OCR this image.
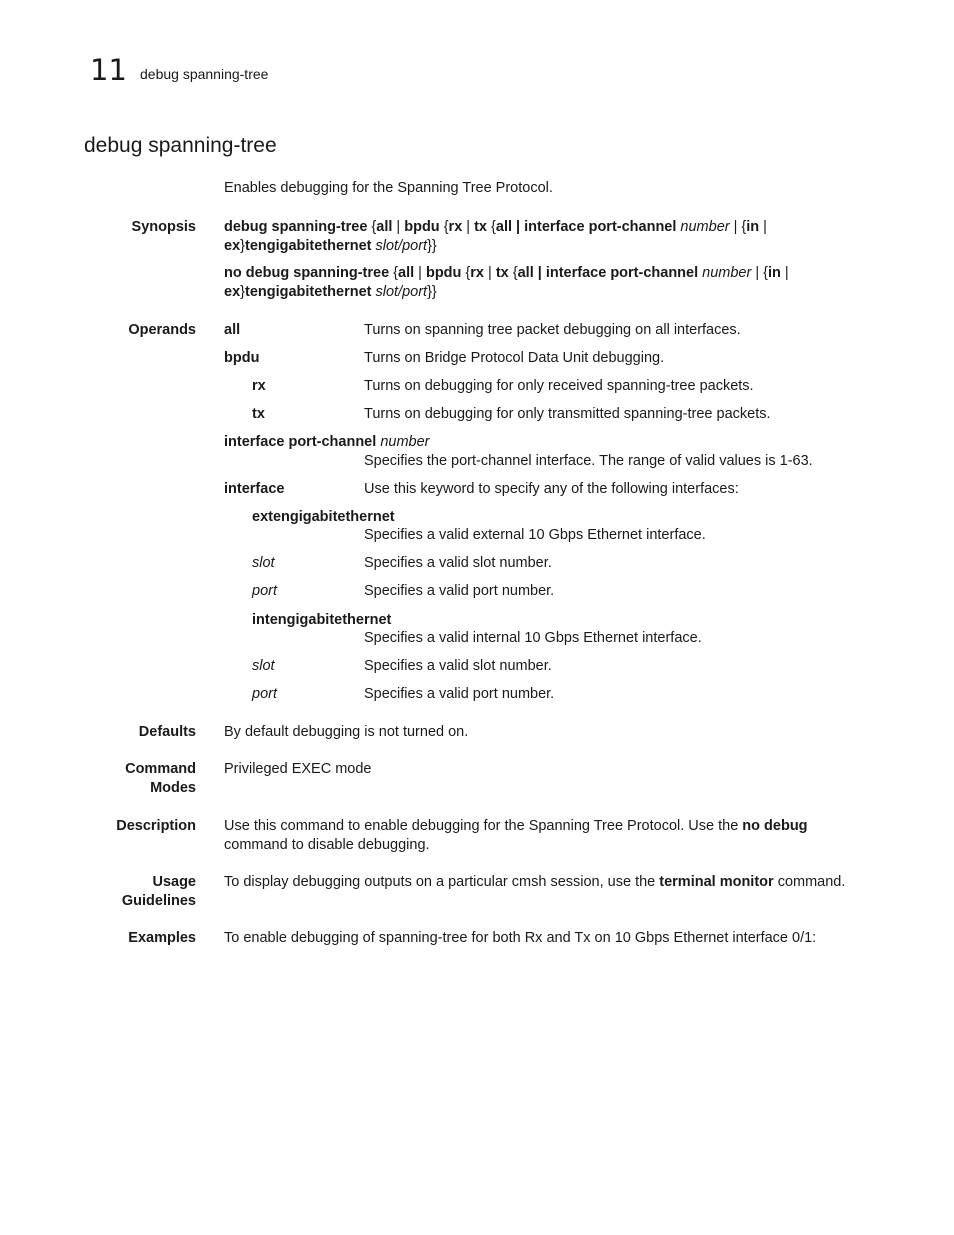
11 debug spanning-tree
debug spanning-tree
Enables debugging for the Spanning Tree Protocol.
Synopsis debug spanning-tree {all | bpdu {rx | tx {all | interface port-channel number | {in |
ex}tengigabitethernet slot/port}}
no debug spanning-tree {all | bpdu {rx | tx {all | interface port-channel number | {in |
ex}tengigabitethernet slot/port}}
Operands all	Turns on spanning tree packet debugging on all interfaces.
bpdu	Turns on Bridge Protocol Data Unit debugging.
rx	Turns on debugging for only received spanning-tree packets.
tx	Turns on debugging for only transmitted spanning-tree packets.
interface port-channel number
Specifies the port-channel interface. The range of valid values is 1-63.
interface	Use this keyword to specify any of the following interfaces:
extengigabitethernet
Specifies a valid external 10 Gbps Ethernet interface.
slot	Specifies a valid slot number.
port	Specifies a valid port number.
intengigabitethernet
Specifies a valid internal 10 Gbps Ethernet interface.
slot	Specifies a valid slot number.
port	Specifies a valid port number.
Defaults By default debugging is not turned on.
Command
Modes
Privileged EXEC mode
Description Use this command to enable debugging for the Spanning Tree Protocol. Use the no debug
command to disable debugging.
Usage
Guidelines
To display debugging outputs on a particular cmsh session, use the terminal monitor command.
Examples To enable debugging of spanning-tree for both Rx and Tx on 10 Gbps Ethernet interface 0/1:
